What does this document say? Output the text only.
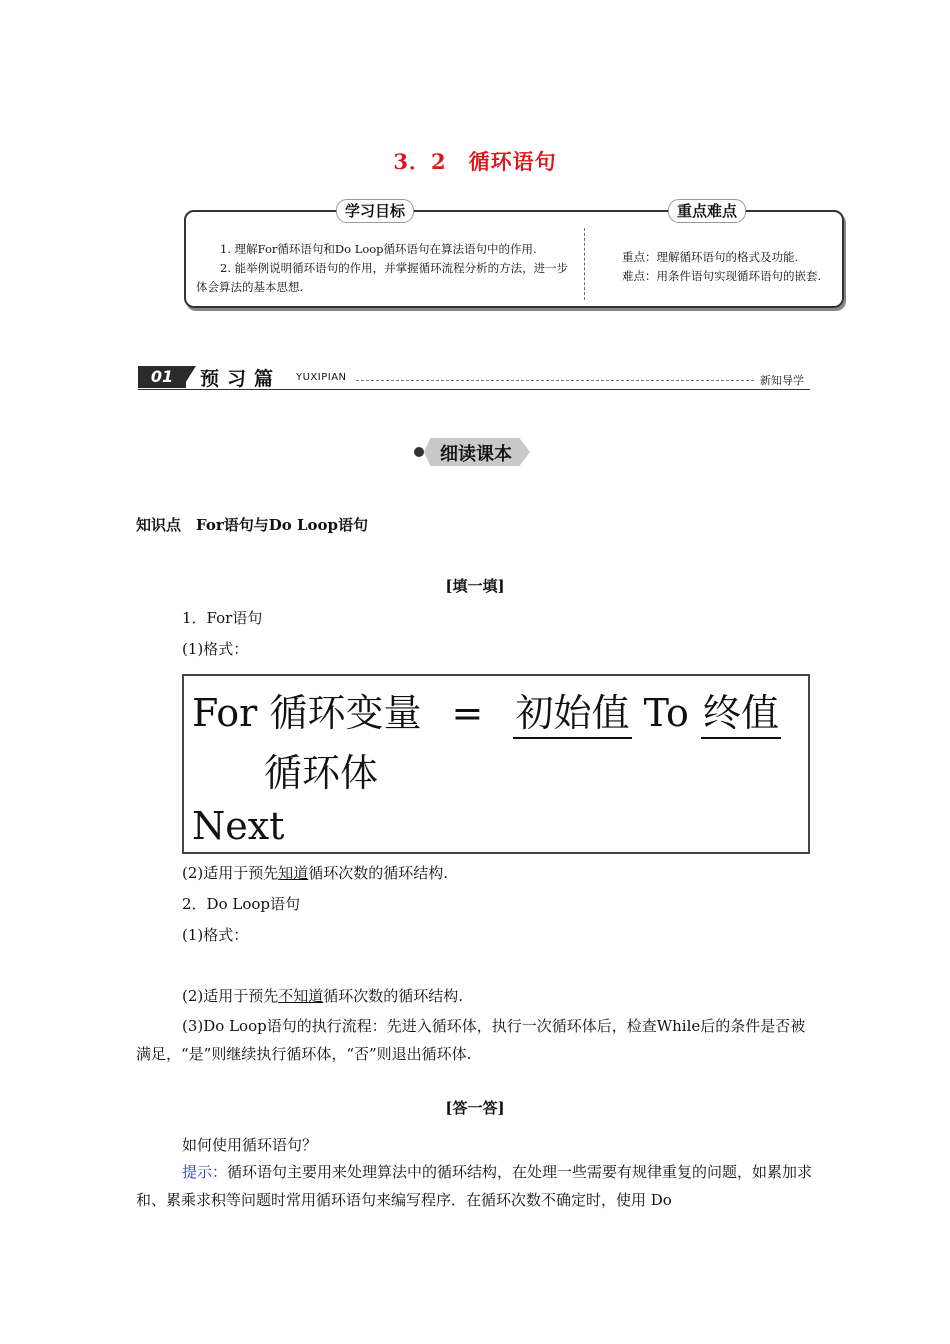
3．2　循环语句
学习目标	重点难点

1. 理解For循环语句和Do Loop循环语句在算法语句中的作用.

2. 能举例说明循环语句的作用，并掌握循环流程分析的方法，进一步体会算法的基本思想.

重点：理解循环语句的格式及功能.

难点：用条件语句实现循环语句的嵌套.

01	预习篇 YUXIPIAN	新知导学
细读课本
知识点　For语句与Do Loop语句
[填一填]
1．For语句
(1)格式：
For 循环变量 = 初始值 To 终值
循环体
Next
(2)适用于预先知道循环次数的循环结构.
2．Do Loop语句
(1)格式：
(2)适用于预先不知道循环次数的循环结构.
(3)Do Loop语句的执行流程：先进入循环体，执行一次循环体后，检查While后的条件是否被满足，“是”则继续执行循环体，“否”则退出循环体.
[答一答]
如何使用循环语句？
提示：循环语句主要用来处理算法中的循环结构，在处理一些需要有规律重复的问题，如累加求和、累乘求积等问题时常用循环语句来编写程序．在循环次数不确定时，使用 Do
